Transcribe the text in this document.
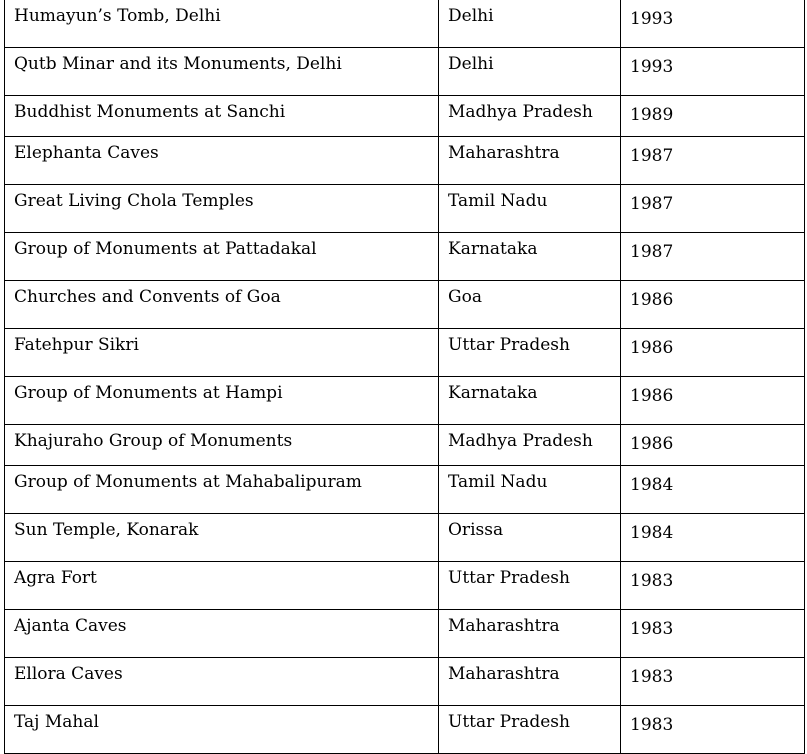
Humayun’s Tomb, Delhi	Delhi	1993
Qutb Minar and its Monuments, Delhi	Delhi	1993
Buddhist Monuments at Sanchi	Madhya Pradesh	1989
Elephanta Caves	Maharashtra	1987
Great Living Chola Temples	Tamil Nadu	1987
Group of Monuments at Pattadakal	Karnataka	1987
Churches and Convents of Goa	Goa	1986
Fatehpur Sikri	Uttar Pradesh	1986
Group of Monuments at Hampi	Karnataka	1986
Khajuraho Group of Monuments	Madhya Pradesh	1986
Group of Monuments at Mahabalipuram	Tamil Nadu	1984
Sun Temple, Konarak	Orissa	1984
Agra Fort	Uttar Pradesh	1983
Ajanta Caves	Maharashtra	1983
Ellora Caves	Maharashtra	1983
Taj Mahal	Uttar Pradesh	1983
